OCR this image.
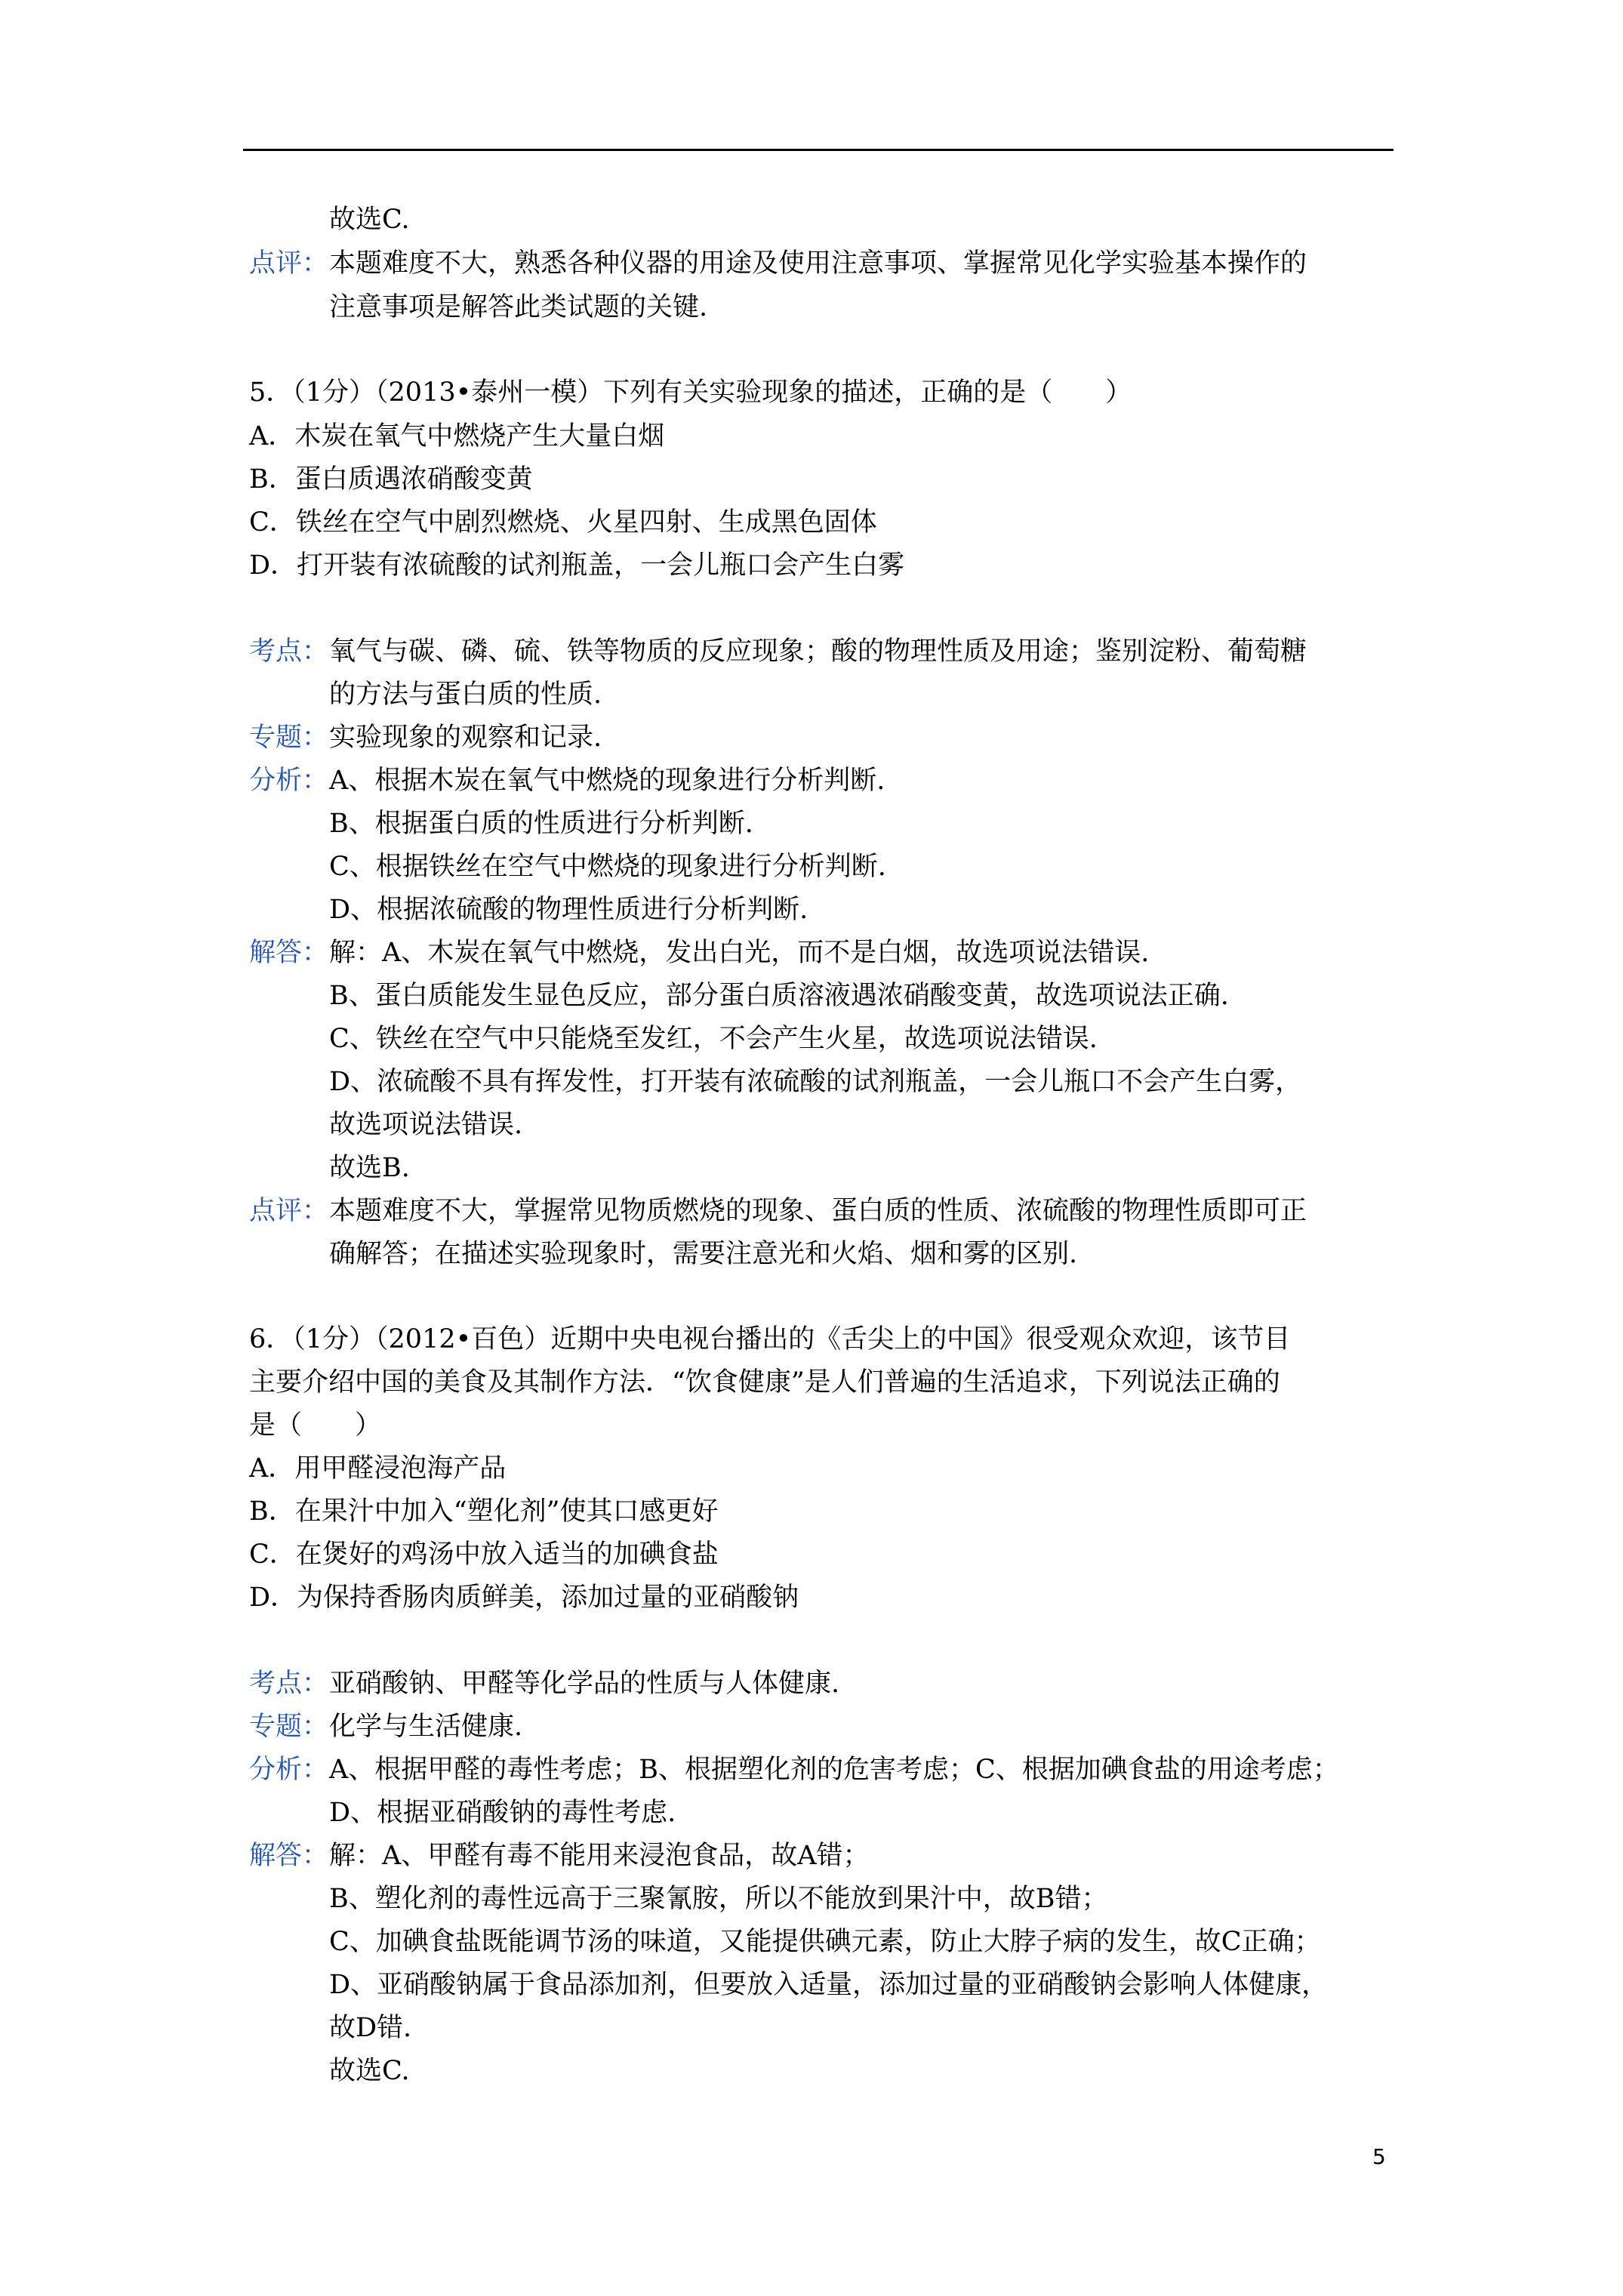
故选C.
点评： 本题难度不大，熟悉各种仪器的用途及使用注意事项、掌握常见化学实验基本操作的
注意事项是解答此类试题的关键.
5．（1分）（2013•泰州一模）下列有关实验现象的描述，正确的是（　　）
A．木炭在氧气中燃烧产生大量白烟
B．蛋白质遇浓硝酸变黄
C．铁丝在空气中剧烈燃烧、火星四射、生成黑色固体
D．打开装有浓硫酸的试剂瓶盖，一会儿瓶口会产生白雾
考点： 氧气与碳、磷、硫、铁等物质的反应现象；酸的物理性质及用途；鉴别淀粉、葡萄糖
的方法与蛋白质的性质.
专题： 实验现象的观察和记录.
分析： A、根据木炭在氧气中燃烧的现象进行分析判断.
B、根据蛋白质的性质进行分析判断.
C、根据铁丝在空气中燃烧的现象进行分析判断.
D、根据浓硫酸的物理性质进行分析判断.
解答： 解：A、木炭在氧气中燃烧，发出白光，而不是白烟，故选项说法错误.
B、蛋白质能发生显色反应，部分蛋白质溶液遇浓硝酸变黄，故选项说法正确.
C、铁丝在空气中只能烧至发红，不会产生火星，故选项说法错误.
D、浓硫酸不具有挥发性，打开装有浓硫酸的试剂瓶盖，一会儿瓶口不会产生白雾，
故选项说法错误.
故选B.
点评： 本题难度不大，掌握常见物质燃烧的现象、蛋白质的性质、浓硫酸的物理性质即可正
确解答；在描述实验现象时，需要注意光和火焰、烟和雾的区别.
6．（1分）（2012•百色）近期中央电视台播出的《舌尖上的中国》很受观众欢迎，该节目
主要介绍中国的美食及其制作方法．“饮食健康”是人们普遍的生活追求，下列说法正确的
是（　　）
A．用甲醛浸泡海产品
B．在果汁中加入“塑化剂”使其口感更好
C．在煲好的鸡汤中放入适当的加碘食盐
D．为保持香肠肉质鲜美，添加过量的亚硝酸钠
考点： 亚硝酸钠、甲醛等化学品的性质与人体健康.
专题： 化学与生活健康.
分析： A、根据甲醛的毒性考虑；B、根据塑化剂的危害考虑；C、根据加碘食盐的用途考虑；
D、根据亚硝酸钠的毒性考虑.
解答： 解：A、甲醛有毒不能用来浸泡食品，故A错；
B、塑化剂的毒性远高于三聚氰胺，所以不能放到果汁中，故B错；
C、加碘食盐既能调节汤的味道，又能提供碘元素，防止大脖子病的发生，故C正确；
D、亚硝酸钠属于食品添加剂，但要放入适量，添加过量的亚硝酸钠会影响人体健康，
故D错.
故选C.
5
